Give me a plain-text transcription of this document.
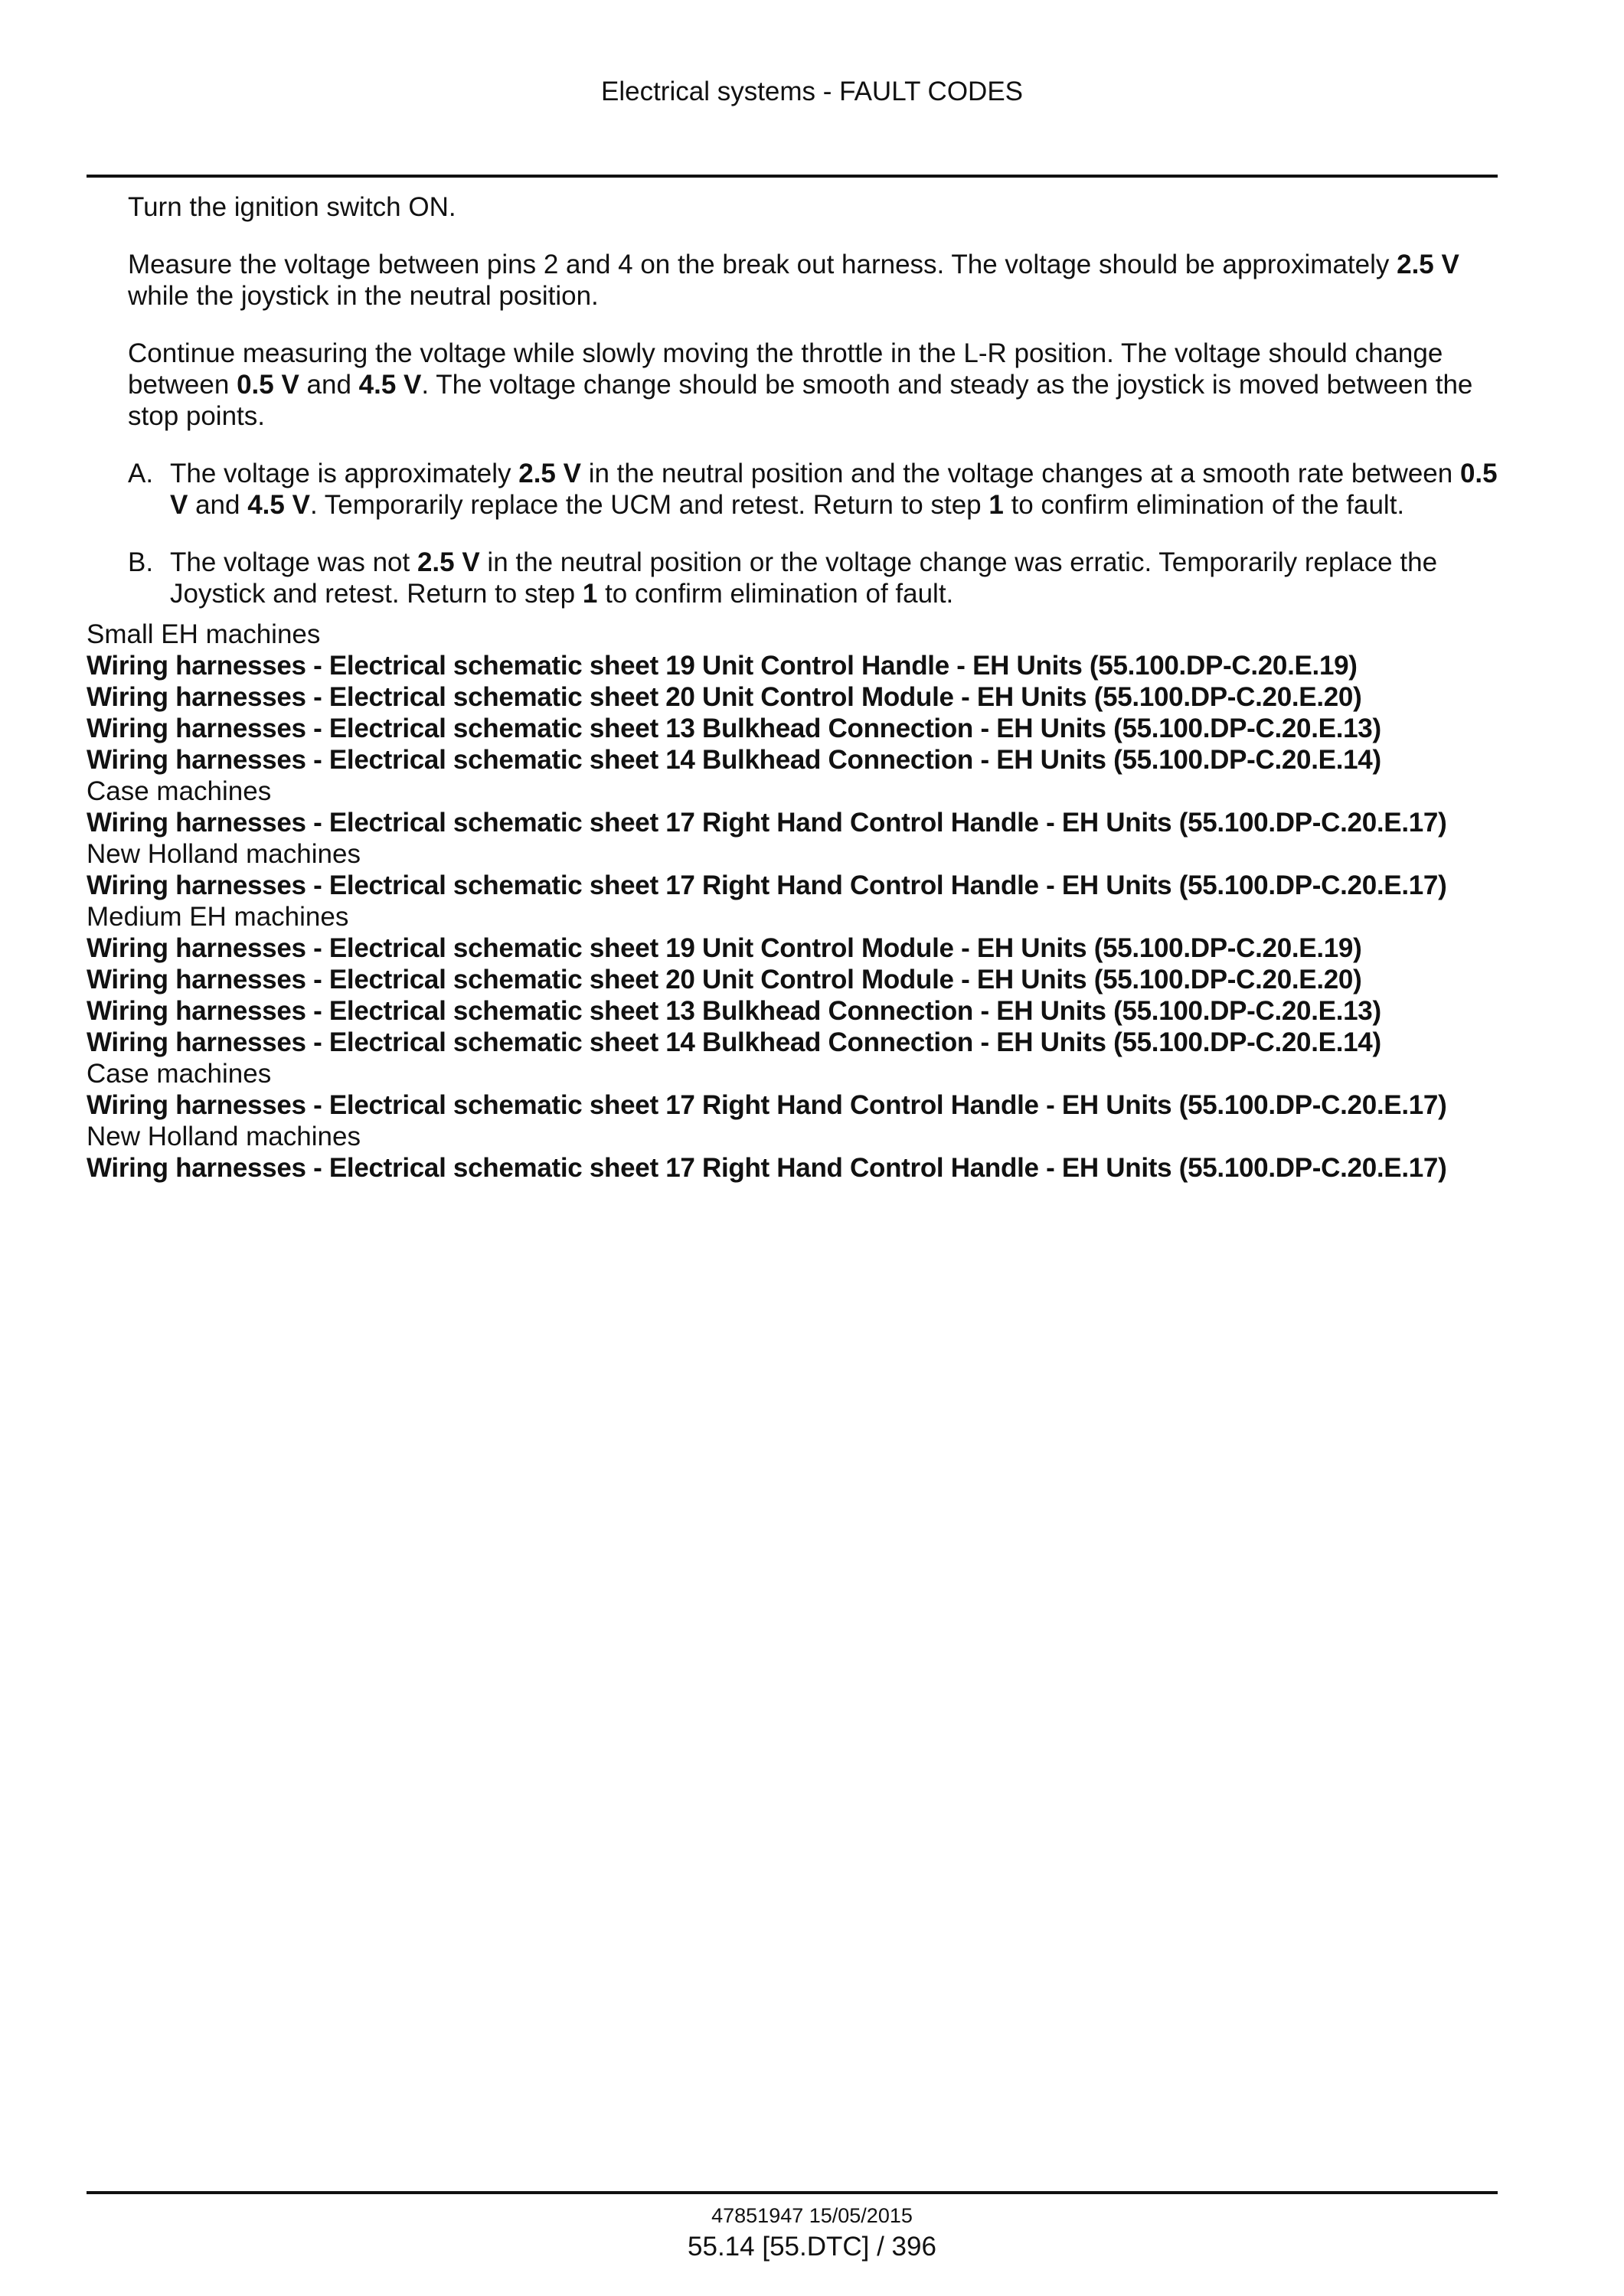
Electrical systems - FAULT CODES

Turn the ignition switch ON.

Measure the voltage between pins 2 and 4 on the break out harness. The voltage should be approximately 2.5 V while the joystick in the neutral position.

Continue measuring the voltage while slowly moving the throttle in the L-R position. The voltage should change between 0.5 V and 4.5 V. The voltage change should be smooth and steady as the joystick is moved between the stop points.

A. The voltage is approximately 2.5 V in the neutral position and the voltage changes at a smooth rate between 0.5 V and 4.5 V. Temporarily replace the UCM and retest. Return to step 1 to confirm elimination of the fault.
B. The voltage was not 2.5 V in the neutral position or the voltage change was erratic. Temporarily replace the Joystick and retest. Return to step 1 to confirm elimination of fault.

Small EH machines

Wiring harnesses - Electrical schematic sheet 19 Unit Control Handle - EH Units (55.100.DP-C.20.E.19)

Wiring harnesses - Electrical schematic sheet 20 Unit Control Module - EH Units (55.100.DP-C.20.E.20)

Wiring harnesses - Electrical schematic sheet 13 Bulkhead Connection - EH Units (55.100.DP-C.20.E.13)

Wiring harnesses - Electrical schematic sheet 14 Bulkhead Connection - EH Units (55.100.DP-C.20.E.14)

Case machines

Wiring harnesses - Electrical schematic sheet 17 Right Hand Control Handle - EH Units (55.100.DP-C.20.E.17)

New Holland machines

Wiring harnesses - Electrical schematic sheet 17 Right Hand Control Handle - EH Units (55.100.DP-C.20.E.17)

Medium EH machines

Wiring harnesses - Electrical schematic sheet 19 Unit Control Module - EH Units (55.100.DP-C.20.E.19)

Wiring harnesses - Electrical schematic sheet 20 Unit Control Module - EH Units (55.100.DP-C.20.E.20)

Wiring harnesses - Electrical schematic sheet 13 Bulkhead Connection - EH Units (55.100.DP-C.20.E.13)

Wiring harnesses - Electrical schematic sheet 14 Bulkhead Connection - EH Units (55.100.DP-C.20.E.14)

Case machines

Wiring harnesses - Electrical schematic sheet 17 Right Hand Control Handle - EH Units (55.100.DP-C.20.E.17)

New Holland machines

Wiring harnesses - Electrical schematic sheet 17 Right Hand Control Handle - EH Units (55.100.DP-C.20.E.17)

47851947 15/05/2015
55.14 [55.DTC] / 396
